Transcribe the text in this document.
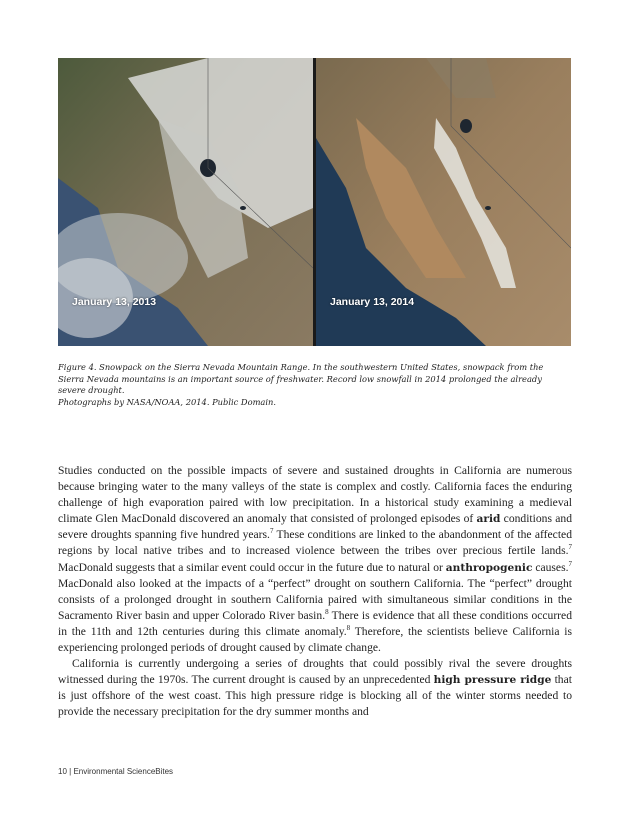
January 13, 2013	January 13, 2014

Figure 4. Snowpack on the Sierra Nevada Mountain Range. In the southwestern United States, snowpack from the Sierra Nevada mountains is an important source of freshwater. Record low snowfall in 2014 prolonged the already severe drought.

Photographs by NASA/NOAA, 2014. Public Domain.

Studies conducted on the possible impacts of severe and sustained droughts in California are numerous because bringing water to the many valleys of the state is complex and costly. California faces the enduring challenge of high evaporation paired with low precipitation. In a historical study examining a medieval climate Glen MacDonald discovered an anomaly that consisted of prolonged episodes of arid conditions and severe droughts spanning five hundred years.$^7$ These conditions are linked to the abandonment of the affected regions by local native tribes and to increased violence between the tribes over precious fertile lands.$^7$ MacDonald suggests that a similar event could occur in the future due to natural or anthropogenic causes.$^7$ MacDonald also looked at the impacts of a “perfect” drought on southern California. The “perfect” drought consists of a prolonged drought in southern California paired with simultaneous similar conditions in the Sacramento River basin and upper Colorado River basin.$^8$ There is evidence that all these conditions occurred in the 11th and 12th centuries during this climate anomaly.$^8$ Therefore, the scientists believe California is experiencing prolonged periods of drought caused by climate change.

California is currently undergoing a series of droughts that could possibly rival the severe droughts witnessed during the 1970s. The current drought is caused by an unprecedented high pressure ridge that is just offshore of the west coast. This high pressure ridge is blocking all of the winter storms needed to provide the necessary precipitation for the dry summer months and

10 | Environmental ScienceBites
